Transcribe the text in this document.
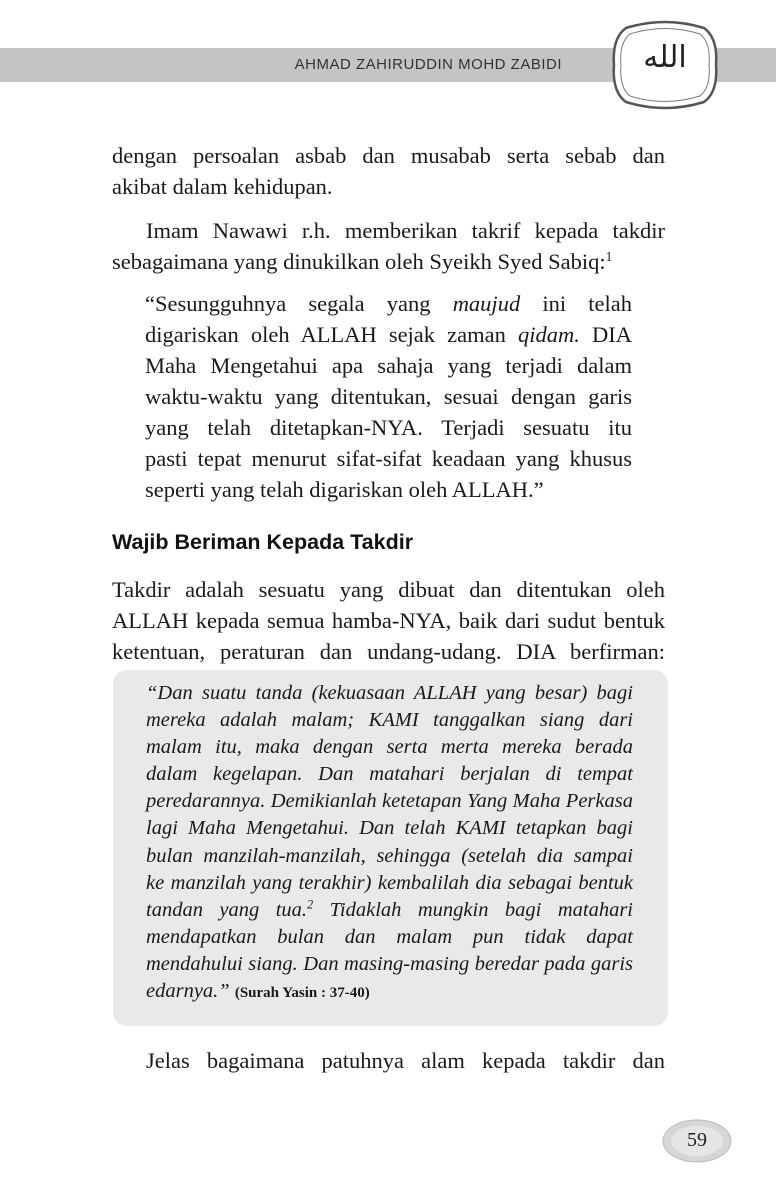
AHMAD ZAHIRUDDIN MOHD ZABIDI	الله
dengan persoalan asbab dan musabab serta sebab dan
akibat dalam kehidupan.
Imam Nawawi r.h. memberikan takrif kepada takdir
sebagaimana yang dinukilkan oleh Syeikh Syed Sabiq:$^1$
“Sesungguhnya segala yang maujud ini telah
digariskan oleh ALLAH sejak zaman qidam. DIA
Maha Mengetahui apa sahaja yang terjadi dalam
waktu-waktu yang ditentukan, sesuai dengan garis
yang telah ditetapkan-NYA. Terjadi sesuatu itu
pasti tepat menurut sifat-sifat keadaan yang khusus
seperti yang telah digariskan oleh ALLAH.”
Wajib Beriman Kepada Takdir
Takdir adalah sesuatu yang dibuat dan ditentukan oleh
ALLAH kepada semua hamba-NYA, baik dari sudut bentuk
ketentuan, peraturan dan undang-udang. DIA berfirman:
“Dan suatu tanda (kekuasaan ALLAH yang besar) bagi
mereka adalah malam; KAMI tanggalkan siang dari
malam itu, maka dengan serta merta mereka berada
dalam kegelapan. Dan matahari berjalan di tempat
peredarannya. Demikianlah ketetapan Yang Maha Perkasa
lagi Maha Mengetahui. Dan telah KAMI tetapkan bagi
bulan manzilah-manzilah, sehingga (setelah dia sampai
ke manzilah yang terakhir) kembalilah dia sebagai bentuk
tandan yang tua.$^2$ Tidaklah mungkin bagi matahari
mendapatkan bulan dan malam pun tidak dapat
mendahului siang. Dan masing-masing beredar pada garis
edarnya.” (Surah Yasin : 37-40)
Jelas bagaimana patuhnya alam kepada takdir dan
59
